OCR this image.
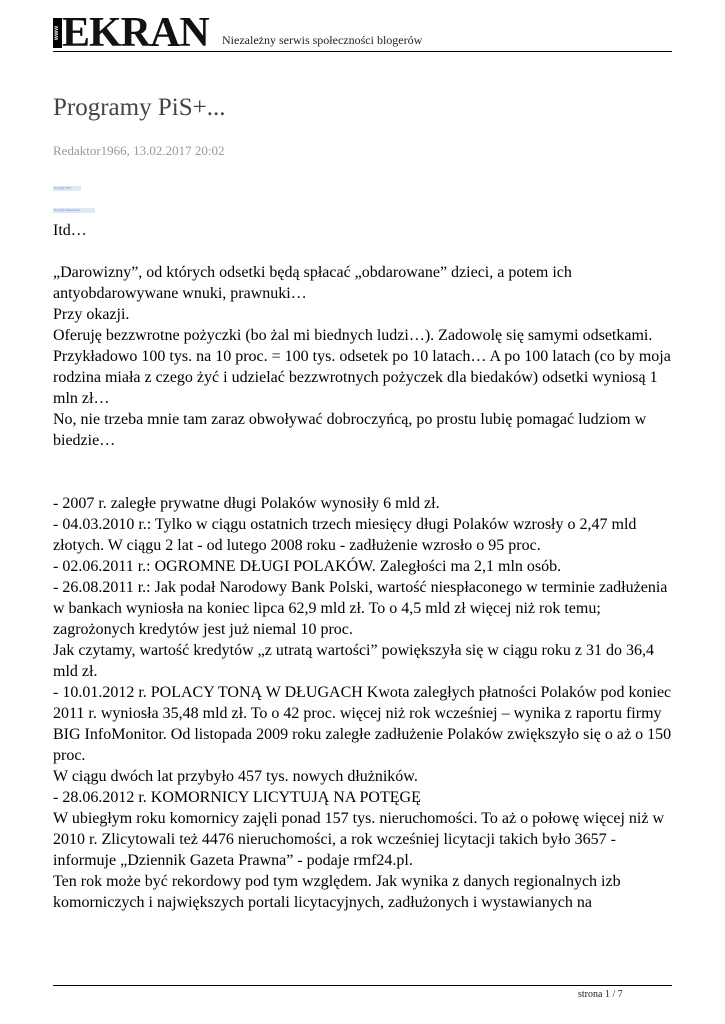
www EKRAN Niezależny serwis społeczności blogerów
Programy PiS+...
Redaktor1966, 13.02.2017 20:02
Program 500+
Program Mieszkanie+

Itd…

„Darowizny”, od których odsetki będą spłacać „obdarowane” dzieci, a potem ich antyobdarowywane wnuki, prawnuki…

Przy okazji.

Oferuję bezzwrotne pożyczki (bo żal mi biednych ludzi…). Zadowolę się samymi odsetkami. Przykładowo 100 tys. na 10 proc. = 100 tys. odsetek po 10 latach… A po 100 latach (co by moja rodzina miała z czego żyć i udzielać bezzwrotnych pożyczek dla biedaków) odsetki wyniosą 1 mln zł…

No, nie trzeba mnie tam zaraz obwoływać dobroczyńcą, po prostu lubię pomagać ludziom w biedzie…

- 2007 r. zaległe prywatne długi Polaków wynosiły 6 mld zł.

- 04.03.2010 r.: Tylko w ciągu ostatnich trzech miesięcy długi Polaków wzrosły o 2,47 mld złotych. W ciągu 2 lat - od lutego 2008 roku - zadłużenie wzrosło o 95 proc.

- 02.06.2011 r.: OGROMNE DŁUGI POLAKÓW. Zaległości ma 2,1 mln osób.

- 26.08.2011 r.: Jak podał Narodowy Bank Polski, wartość niespłaconego w terminie zadłużenia w bankach wyniosła na koniec lipca 62,9 mld zł. To o 4,5 mld zł więcej niż rok temu; zagrożonych kredytów jest już niemal 10 proc.

Jak czytamy, wartość kredytów „z utratą wartości” powiększyła się w ciągu roku z 31 do 36,4 mld zł.

- 10.01.2012 r. POLACY TONĄ W DŁUGACH Kwota zaległych płatności Polaków pod koniec 2011 r. wyniosła 35,48 mld zł. To o 42 proc. więcej niż rok wcześniej – wynika z raportu firmy BIG InfoMonitor. Od listopada 2009 roku zaległe zadłużenie Polaków zwiększyło się o aż o 150 proc.

W ciągu dwóch lat przybyło 457 tys. nowych dłużników.

- 28.06.2012 r. KOMORNICY LICYTUJĄ NA POTĘGĘ

W ubiegłym roku komornicy zajęli ponad 157 tys. nieruchomości. To aż o połowę więcej niż w 2010 r. Zlicytowali też 4476 nieruchomości, a rok wcześniej licytacji takich było 3657 - informuje „Dziennik Gazeta Prawna” - podaje rmf24.pl.

Ten rok może być rekordowy pod tym względem. Jak wynika z danych regionalnych izb komorniczych i największych portali licytacyjnych, zadłużonych i wystawianych na

strona 1 / 7
